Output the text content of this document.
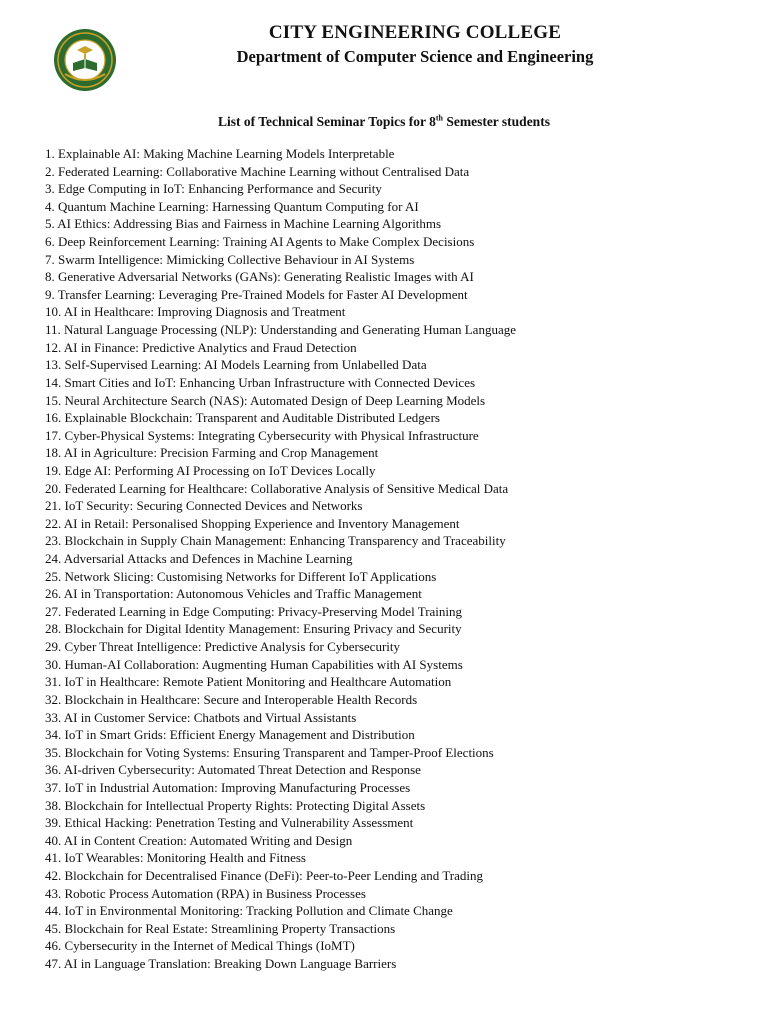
CITY ENGINEERING COLLEGE
Department of Computer Science and Engineering
List of Technical Seminar Topics for 8th Semester students
1. Explainable AI: Making Machine Learning Models Interpretable
2. Federated Learning: Collaborative Machine Learning without Centralised Data
3. Edge Computing in IoT: Enhancing Performance and Security
4. Quantum Machine Learning: Harnessing Quantum Computing for AI
5. AI Ethics: Addressing Bias and Fairness in Machine Learning Algorithms
6. Deep Reinforcement Learning: Training AI Agents to Make Complex Decisions
7. Swarm Intelligence: Mimicking Collective Behaviour in AI Systems
8. Generative Adversarial Networks (GANs): Generating Realistic Images with AI
9. Transfer Learning: Leveraging Pre-Trained Models for Faster AI Development
10. AI in Healthcare: Improving Diagnosis and Treatment
11. Natural Language Processing (NLP): Understanding and Generating Human Language
12. AI in Finance: Predictive Analytics and Fraud Detection
13. Self-Supervised Learning: AI Models Learning from Unlabelled Data
14. Smart Cities and IoT: Enhancing Urban Infrastructure with Connected Devices
15. Neural Architecture Search (NAS): Automated Design of Deep Learning Models
16. Explainable Blockchain: Transparent and Auditable Distributed Ledgers
17. Cyber-Physical Systems: Integrating Cybersecurity with Physical Infrastructure
18. AI in Agriculture: Precision Farming and Crop Management
19. Edge AI: Performing AI Processing on IoT Devices Locally
20. Federated Learning for Healthcare: Collaborative Analysis of Sensitive Medical Data
21. IoT Security: Securing Connected Devices and Networks
22. AI in Retail: Personalised Shopping Experience and Inventory Management
23. Blockchain in Supply Chain Management: Enhancing Transparency and Traceability
24. Adversarial Attacks and Defences in Machine Learning
25. Network Slicing: Customising Networks for Different IoT Applications
26. AI in Transportation: Autonomous Vehicles and Traffic Management
27. Federated Learning in Edge Computing: Privacy-Preserving Model Training
28. Blockchain for Digital Identity Management: Ensuring Privacy and Security
29. Cyber Threat Intelligence: Predictive Analysis for Cybersecurity
30. Human-AI Collaboration: Augmenting Human Capabilities with AI Systems
31. IoT in Healthcare: Remote Patient Monitoring and Healthcare Automation
32. Blockchain in Healthcare: Secure and Interoperable Health Records
33. AI in Customer Service: Chatbots and Virtual Assistants
34. IoT in Smart Grids: Efficient Energy Management and Distribution
35. Blockchain for Voting Systems: Ensuring Transparent and Tamper-Proof Elections
36. AI-driven Cybersecurity: Automated Threat Detection and Response
37. IoT in Industrial Automation: Improving Manufacturing Processes
38. Blockchain for Intellectual Property Rights: Protecting Digital Assets
39. Ethical Hacking: Penetration Testing and Vulnerability Assessment
40. AI in Content Creation: Automated Writing and Design
41. IoT Wearables: Monitoring Health and Fitness
42. Blockchain for Decentralised Finance (DeFi): Peer-to-Peer Lending and Trading
43. Robotic Process Automation (RPA) in Business Processes
44. IoT in Environmental Monitoring: Tracking Pollution and Climate Change
45. Blockchain for Real Estate: Streamlining Property Transactions
46. Cybersecurity in the Internet of Medical Things (IoMT)
47. AI in Language Translation: Breaking Down Language Barriers
